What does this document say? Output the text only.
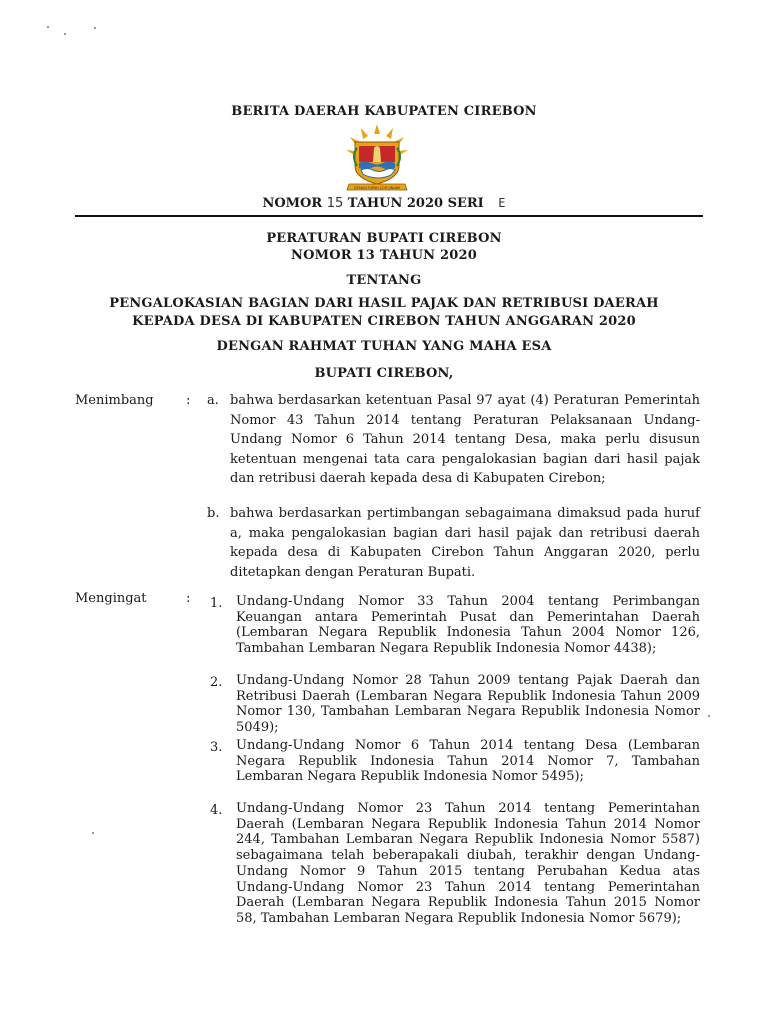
BERITA DAERAH KABUPATEN CIREBON
GEMAH RIPAH LOH JINAWI
NOMOR 15 TAHUN 2020 SERI E
PERATURAN BUPATI CIREBON
NOMOR 13 TAHUN 2020
TENTANG
PENGALOKASIAN BAGIAN DARI HASIL PAJAK DAN RETRIBUSI DAERAH
KEPADA DESA DI KABUPATEN CIREBON TAHUN ANGGARAN 2020
DENGAN RAHMAT TUHAN YANG MAHA ESA
BUPATI CIREBON,
Menimbang : a. bahwa berdasarkan ketentuan Pasal 97 ayat (4) Peraturan Pemerintah Nomor 43 Tahun 2014 tentang Peraturan Pelaksanaan Undang-Undang Nomor 6 Tahun 2014 tentang Desa, maka perlu disusun ketentuan mengenai tata cara pengalokasian bagian dari hasil pajak dan retribusi daerah kepada desa di Kabupaten Cirebon;
b. bahwa berdasarkan pertimbangan sebagaimana dimaksud pada huruf a, maka pengalokasian bagian dari hasil pajak dan retribusi daerah kepada desa di Kabupaten Cirebon Tahun Anggaran 2020, perlu ditetapkan dengan Peraturan Bupati.
Mengingat	: 1. Undang-Undang Nomor 33 Tahun 2004 tentang Perimbangan Keuangan antara Pemerintah Pusat dan Pemerintahan Daerah (Lembaran Negara Republik Indonesia Tahun 2004 Nomor 126, Tambahan Lembaran Negara Republik Indonesia Nomor 4438);
2. Undang-Undang Nomor 28 Tahun 2009 tentang Pajak Daerah dan Retribusi Daerah (Lembaran Negara Republik Indonesia Tahun 2009 Nomor 130, Tambahan Lembaran Negara Republik Indonesia Nomor 5049);
3. Undang-Undang Nomor 6 Tahun 2014 tentang Desa (Lembaran Negara Republik Indonesia Tahun 2014 Nomor 7, Tambahan Lembaran Negara Republik Indonesia Nomor 5495);
4. Undang-Undang Nomor 23 Tahun 2014 tentang Pemerintahan Daerah (Lembaran Negara Republik Indonesia Tahun 2014 Nomor 244, Tambahan Lembaran Negara Republik Indonesia Nomor 5587) sebagaimana telah beberapakali diubah, terakhir dengan Undang-Undang Nomor 9 Tahun 2015 tentang Perubahan Kedua atas Undang-Undang Nomor 23 Tahun 2014 tentang Pemerintahan Daerah (Lembaran Negara Republik Indonesia Tahun 2015 Nomor 58, Tambahan Lembaran Negara Republik Indonesia Nomor 5679);
